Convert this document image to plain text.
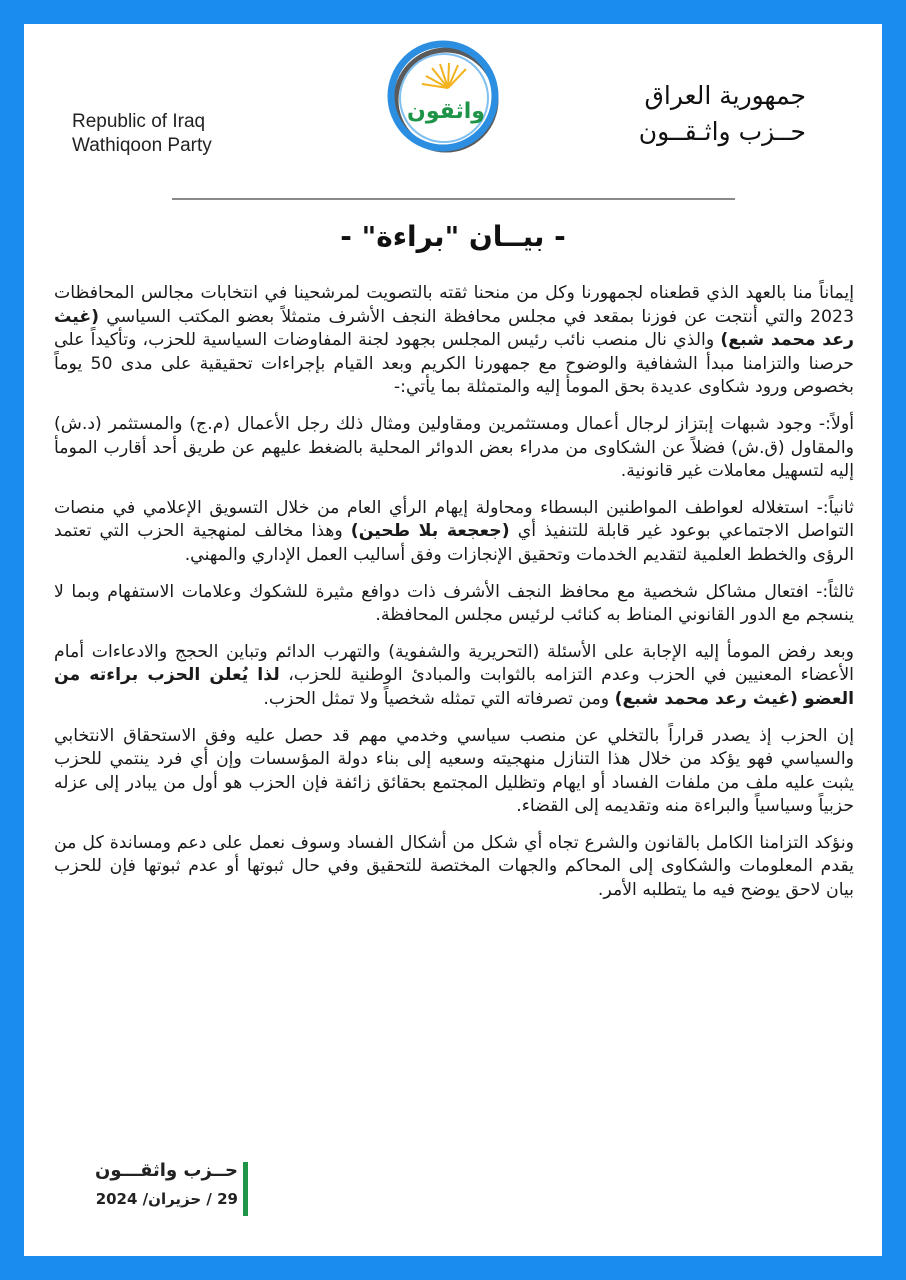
Republic of Iraq
Wathiqoon Party
واثقون
جمهورية العراق
حــزب واثـقــون
- بيــان "براءة" -

إيماناً منا بالعهد الذي قطعناه لجمهورنا وكل من منحنا ثقته بالتصويت لمرشحينا في انتخابات مجالس المحافظات 2023 والتي أنتجت عن فوزنا بمقعد في مجلس محافظة النجف الأشرف متمثلاً بعضو المكتب السياسي (غيث رعد محمد شبع) والذي نال منصب نائب رئيس المجلس بجهود لجنة المفاوضات السياسية للحزب، وتأكيداً على حرصنا والتزامنا مبدأ الشفافية والوضوح مع جمهورنا الكريم وبعد القيام بإجراءات تحقيقية على مدى 50 يوماً بخصوص ورود شكاوى عديدة بحق المومأ إليه والمتمثلة بما يأتي:-

أولاً:- وجود شبهات إبتزاز لرجال أعمال ومستثمرين ومقاولين ومثال ذلك رجل الأعمال (م.ج) والمستثمر (د.ش) والمقاول (ق.ش) فضلاً عن الشكاوى من مدراء بعض الدوائر المحلية بالضغط عليهم عن طريق أحد أقارب المومأ إليه لتسهيل معاملات غير قانونية.

ثانياً:- استغلاله لعواطف المواطنين البسطاء ومحاولة إيهام الرأي العام من خلال التسويق الإعلامي في منصات التواصل الاجتماعي بوعود غير قابلة للتنفيذ أي (جعجعة بلا طحين) وهذا مخالف لمنهجية الحزب التي تعتمد الرؤى والخطط العلمية لتقديم الخدمات وتحقيق الإنجازات وفق أساليب العمل الإداري والمهني.

ثالثاً:- افتعال مشاكل شخصية مع محافظ النجف الأشرف ذات دوافع مثيرة للشكوك وعلامات الاستفهام وبما لا ينسجم مع الدور القانوني المناط به كنائب لرئيس مجلس المحافظة.

وبعد رفض المومأ إليه الإجابة على الأسئلة (التحريرية والشفوية) والتهرب الدائم وتباين الحجج والادعاءات أمام الأعضاء المعنيين في الحزب وعدم التزامه بالثوابت والمبادئ الوطنية للحزب، لذا يُعلن الحزب براءته من العضو (غيث رعد محمد شبع) ومن تصرفاته التي تمثله شخصياً ولا تمثل الحزب.

إن الحزب إذ يصدر قراراً بالتخلي عن منصب سياسي وخدمي مهم قد حصل عليه وفق الاستحقاق الانتخابي والسياسي فهو يؤكد من خلال هذا التنازل منهجيته وسعيه إلى بناء دولة المؤسسات وإن أي فرد ينتمي للحزب يثبت عليه ملف من ملفات الفساد أو ايهام وتظليل المجتمع بحقائق زائفة فإن الحزب هو أول من يبادر إلى عزله حزبياً وسياسياً والبراءة منه وتقديمه إلى القضاء.

ونؤكد التزامنا الكامل بالقانون والشرع تجاه أي شكل من أشكال الفساد وسوف نعمل على دعم ومساندة كل من يقدم المعلومات والشكاوى إلى المحاكم والجهات المختصة للتحقيق وفي حال ثبوتها أو عدم ثبوتها فإن للحزب بيان لاحق يوضح فيه ما يتطلبه الأمر.

حــزب واثقـــون
29 / حزيران/ 2024
